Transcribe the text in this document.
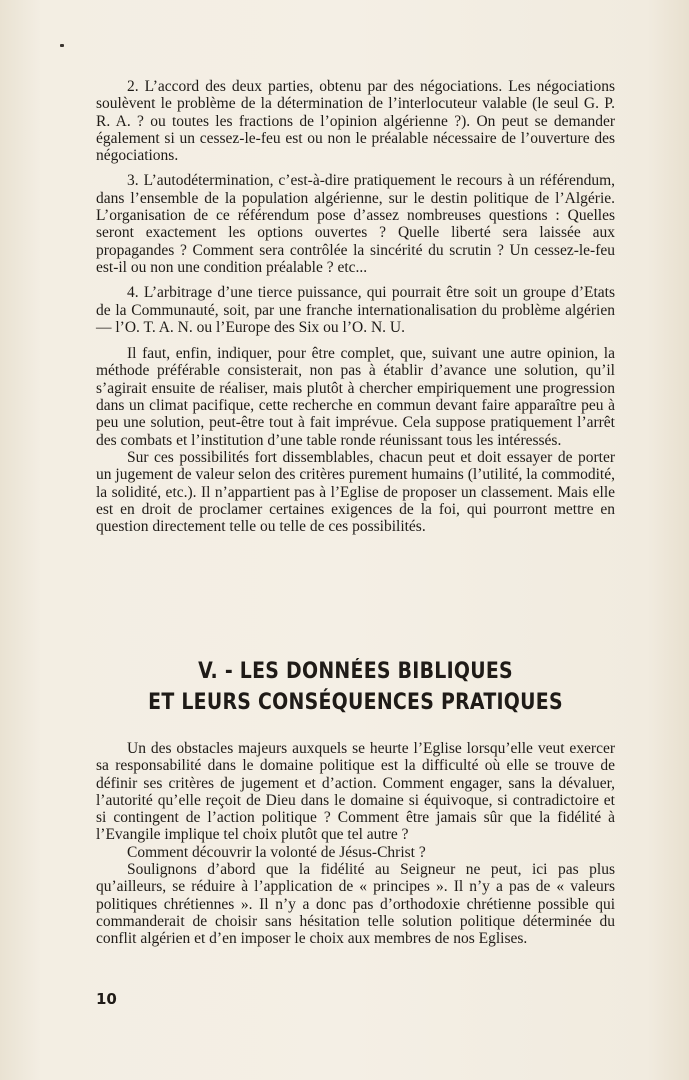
2. L’accord des deux parties, obtenu par des négociations. Les négociations soulèvent le problème de la détermination de l’interlocuteur valable (le seul G. P. R. A. ? ou toutes les fractions de l’opinion algérienne ?). On peut se demander également si un cessez-le-feu est ou non le préalable nécessaire de l’ouverture des négociations.

3. L’autodétermination, c’est-à-dire pratiquement le recours à un référendum, dans l’ensemble de la population algérienne, sur le destin politique de l’Algérie. L’organisation de ce référendum pose d’assez nombreuses questions : Quelles seront exactement les options ouvertes ? Quelle liberté sera laissée aux propagandes ? Comment sera contrôlée la sincérité du scrutin ? Un cessez-le-feu est-il ou non une condition préalable ? etc...

4. L’arbitrage d’une tierce puissance, qui pourrait être soit un groupe d’Etats de la Communauté, soit, par une franche internationalisation du problème algérien — l’O. T. A. N. ou l’Europe des Six ou l’O. N. U.

Il faut, enfin, indiquer, pour être complet, que, suivant une autre opinion, la méthode préférable consisterait, non pas à établir d’avance une solution, qu’il s’agirait ensuite de réaliser, mais plutôt à chercher empiriquement une progression dans un climat pacifique, cette recherche en commun devant faire apparaître peu à peu une solution, peut-être tout à fait imprévue. Cela suppose pratiquement l’arrêt des combats et l’institution d’une table ronde réunissant tous les intéressés.

Sur ces possibilités fort dissemblables, chacun peut et doit essayer de porter un jugement de valeur selon des critères purement humains (l’utilité, la commodité, la solidité, etc.). Il n’appartient pas à l’Eglise de proposer un classement. Mais elle est en droit de proclamer certaines exigences de la foi, qui pourront mettre en question directement telle ou telle de ces possibilités.

V. - LES DONNÉES BIBLIQUES
ET LEURS CONSÉQUENCES PRATIQUES

Un des obstacles majeurs auxquels se heurte l’Eglise lorsqu’elle veut exercer sa responsabilité dans le domaine politique est la difficulté où elle se trouve de définir ses critères de jugement et d’action. Comment engager, sans la dévaluer, l’autorité qu’elle reçoit de Dieu dans le domaine si équivoque, si contradictoire et si contingent de l’action politique ? Comment être jamais sûr que la fidélité à l’Evangile implique tel choix plutôt que tel autre ?

Comment découvrir la volonté de Jésus-Christ ?

Soulignons d’abord que la fidélité au Seigneur ne peut, ici pas plus qu’ailleurs, se réduire à l’application de « principes ». Il n’y a pas de « valeurs politiques chrétiennes ». Il n’y a donc pas d’orthodoxie chrétienne possible qui commanderait de choisir sans hésitation telle solution politique déterminée du conflit algérien et d’en imposer le choix aux membres de nos Eglises.

10
